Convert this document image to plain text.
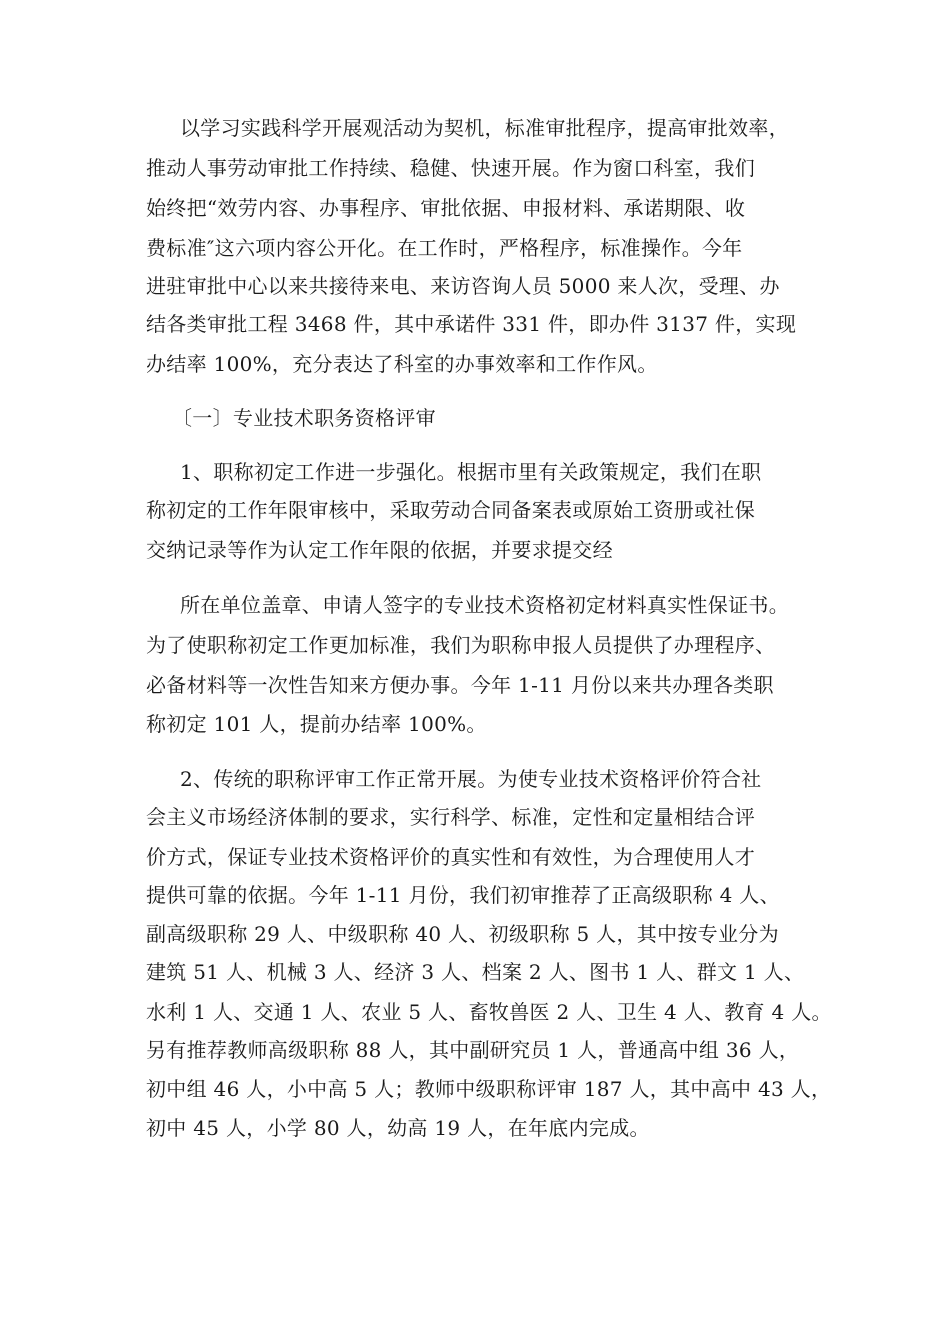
以学习实践科学开展观活动为契机，标准审批程序，提高审批效率，
推动人事劳动审批工作持续、稳健、快速开展。作为窗口科室，我们
始终把“效劳内容、办事程序、审批依据、申报材料、承诺期限、收
费标准″这六项内容公开化。在工作时，严格程序，标准操作。今年
进驻审批中心以来共接待来电、来访咨询人员 5000 来人次，受理、办
结各类审批工程 3468 件，其中承诺件 331 件，即办件 3137 件，实现
办结率 100%，充分表达了科室的办事效率和工作作风。
〔一〕专业技术职务资格评审
1、职称初定工作进一步强化。根据市里有关政策规定，我们在职
称初定的工作年限审核中，采取劳动合同备案表或原始工资册或社保
交纳记录等作为认定工作年限的依据，并要求提交经
所在单位盖章、申请人签字的专业技术资格初定材料真实性保证书。
为了使职称初定工作更加标准，我们为职称申报人员提供了办理程序、
必备材料等一次性告知来方便办事。今年 1-11 月份以来共办理各类职
称初定 101 人，提前办结率 100%。
2、传统的职称评审工作正常开展。为使专业技术资格评价符合社
会主义市场经济体制的要求，实行科学、标准，定性和定量相结合评
价方式，保证专业技术资格评价的真实性和有效性，为合理使用人才
提供可靠的依据。今年 1-11 月份，我们初审推荐了正高级职称 4 人、
副高级职称 29 人、中级职称 40 人、初级职称 5 人，其中按专业分为
建筑 51 人、机械 3 人、经济 3 人、档案 2 人、图书 1 人、群文 1 人、
水利 1 人、交通 1 人、农业 5 人、畜牧兽医 2 人、卫生 4 人、教育 4 人。
另有推荐教师高级职称 88 人，其中副研究员 1 人，普通高中组 36 人，
初中组 46 人，小中高 5 人；教师中级职称评审 187 人，其中高中 43 人，
初中 45 人，小学 80 人，幼高 19 人，在年底内完成。
